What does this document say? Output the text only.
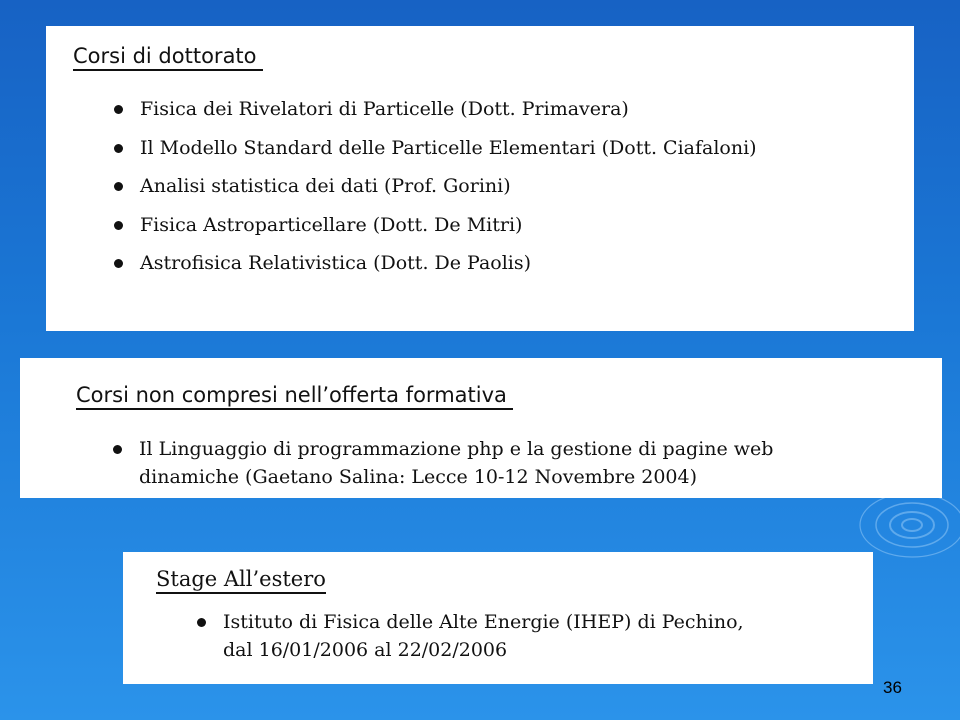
Corsi di dottorato
Fisica dei Rivelatori di Particelle (Dott. Primavera)
Il Modello Standard delle Particelle Elementari (Dott. Ciafaloni)
Analisi statistica dei dati (Prof. Gorini)
Fisica Astroparticellare (Dott. De Mitri)
Astrofisica Relativistica (Dott. De Paolis)
Corsi non compresi nell’offerta formativa
Il Linguaggio di programmazione php e la gestione di pagine web
dinamiche (Gaetano Salina: Lecce 10-12 Novembre 2004)
Stage All’estero
Istituto di Fisica delle Alte Energie (IHEP) di Pechino,
dal 16/01/2006 al 22/02/2006
36
